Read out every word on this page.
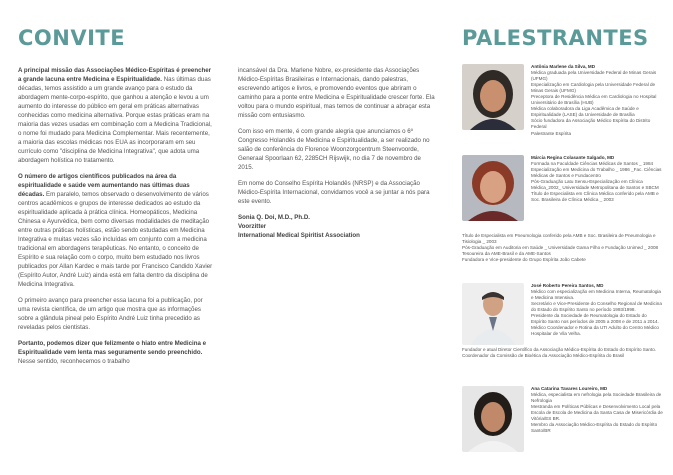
CONVITE	PALESTRANTES

A principal missão das Associações Médico-Espíritas é preencher a grande lacuna entre Medicina e Espiritualidade. Nas últimas duas décadas, temos assistido a um grande avanço para o estudo da abordagem mente-corpo-espírito, que ganhou a atenção e levou a um aumento do interesse do público em geral em práticas alternativas conhecidas como medicina alternativa. Porque estas práticas eram na maioria das vezes usadas em combinação com a Medicina Tradicional, o nome foi mudado para Medicina Complementar. Mais recentemente, a maioria das escolas médicas nos EUA as incorporaram em seu currículo como "disciplina de Medicina Integrativa", que adota uma abordagem holística no tratamento.

O número de artigos científicos publicados na área da espiritualidade e saúde vem aumentando nas últimas duas décadas. Em paralelo, temos observado o desenvolvimento de vários centros acadêmicos e grupos de interesse dedicados ao estudo da espiritualidade aplicada à prática clínica. Homeopáticos, Medicina Chinesa e Ayurvédica, bem como diversas modalidades de meditação entre outras práticas holísticas, estão sendo estudadas em Medicina Integrativa e muitas vezes são incluídas em conjunto com a medicina tradicional em abordagens terapêuticas. No entanto, o conceito de Espírito e sua relação com o corpo, muito bem estudado nos livros publicados por Allan Kardec e mais tarde por Francisco Candido Xavier (Espírito Autor, André Luiz) ainda está em falta dentro da disciplina de Medicina Integrativa.

O primeiro avanço para preencher essa lacuna foi a publicação, por uma revista científica, de um artigo que mostra que as informações sobre a glândula pineal pelo Espírito André Luiz tinha precedido as reveladas pelos cientistas.

Portanto, podemos dizer que felizmente o hiato entre Medicina e Espiritualidade vem lenta mas seguramente sendo preenchido. Nesse sentido, reconhecemos o trabalho

incansável da Dra. Marlene Nobre, ex-presidente das Associações Médico-Espíritas Brasileiras e Internacionais, dando palestras, escrevendo artigos e livros, e promovendo eventos que abriram o caminho para a ponte entre Medicina e Espiritualidade crescer forte. Ela voltou para o mundo espiritual, mas temos de continuar a abraçar esta missão com entusiasmo.

Com isso em mente, é com grande alegria que anunciamos o 6º Congresso Holandês de Medicina e Espiritualidade, a ser realizado no salão de conferência do Florence Woonzorgcentrum Steenvoorde, Generaal Spoorlaan 62, 2285CH Rijswijk, no dia 7 de novembro de 2015.

Em nome do Conselho Espírita Holandês (NRSP) e da Associação Médico-Espírita Internacional, convidamos você a se juntar a nós para este evento.

Sonia Q. Doi, M.D., Ph.D.
Voorzitter
International Medical Spiritist Association

Antônia Marlene da Silva, MD
Médica graduada pela Universidade Federal de Minas Gerais (UFMG)
Especialização em Cardiologia pela Universidade Federal de Minas Gerais (UFMG)
Preceptora de Residência Médica em Cardiologia no Hospital Universitário de Brasília (HUB)
Médica colaboradora da Liga Acadêmica de Saúde e Espiritualidade (LASE) da Universidade de Brasília
Sócio fundadora da Associação Médico Espírita do Distrito Federal
Palestrante Espírita
Márcia Regina Colasante Salgado, MD
Formada na Faculdade Ciências Médicas de Santos _ 1984
Especialização em Medicina do Trabalho _ 1986 _Fac. Ciências Médicas de Santos e Fundacentro
Pós-Graduação Latu Sensu-Especialização em Clínica Médica_2002_ Universidade Metropolitana de Santos e SBCM
Título de Especialista em Clínica Médica conferido pela AMB e Soc. Brasileira de Clínica Médica _ 2003
Título de Especialista em Pneumologia conferido pela AMB e Soc. Brasileira de Pneumologia e Tisiologia _ 2003
Pós-Graduação em Auditoria em Saúde _ Universidade Gama Filho e Fundação Unimed _ 2008
Tesoureira da AME-Brasil e da AME-Santos
Fundadora e Vice-presidente do Grupo Espírita João Cabete
José Roberto Pereira Santos, MD
Médico com especialização em Medicina Interna, Reumatologia e Medicina Intensiva.
Secretário e Vice-Presidente do Conselho Regional de Medicina do Estado do Espírito Santo no período 1993/1998.
Presidente da Sociedade de Reumatologia do Estado do Espírito Santo nos períodos de 2005 a 2008 e de 2011 a 2014.
Médico Coordenador e Rotina da UTI Adulto do Centro Médico Hospitalar de Vila Velha.
Fundador e atual Diretor Científico da Associação Médico-Espírita do Estado do Espírito Santo.
Coordenador da Comissão de Bioética da Associação Médico-Espírita do Brasil
Ana Catarina Tavares Loureiro, MD
Médica, especialista em nefrologia pela Sociedade Brasileira de Nefrologia
Mestranda em Políticas Públicas e Desenvolvimento Local pela Escola de Escola de Medicina da Santa Casa de Misericórdia de Vitória/ES BR.
Membro da Associação Médico-Espírita do Estado do Espírito Santo/BR
